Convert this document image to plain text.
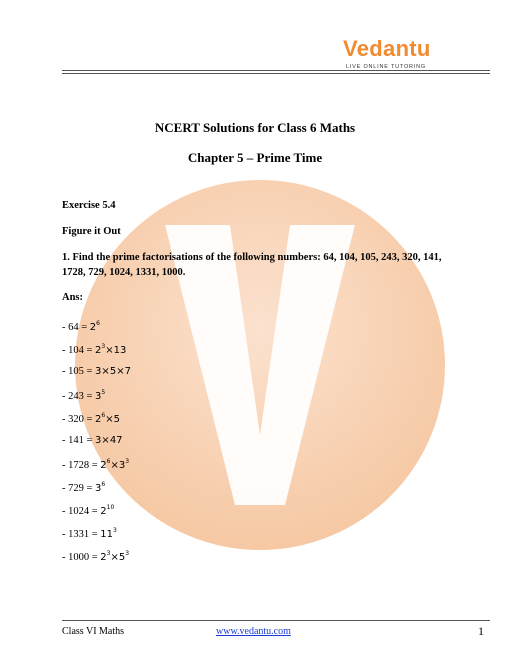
Vedantu
LIVE ONLINE TUTORING
NCERT Solutions for Class 6 Maths
Chapter 5 – Prime Time
Exercise 5.4
Figure it Out
1. Find the prime factorisations of the following numbers: 64, 104, 105, 243, 320, 141, 1728, 729, 1024, 1331, 1000.
Ans:
- $64 = 2^6$
- $104 = 2^3\times 13$
- 105 = 3×5×7
- $243 = 3^5$
- $320 = 2^6\times 5$
- 141 = 3×47
- $1728 = 2^6\times 3^3$
- $729 = 3^6$
- $1024 = 2^{10}$
- $1331 = 11^3$
- $1000 = 2^3\times 5^3$
Class VI Maths	www.vedantu.com	1
